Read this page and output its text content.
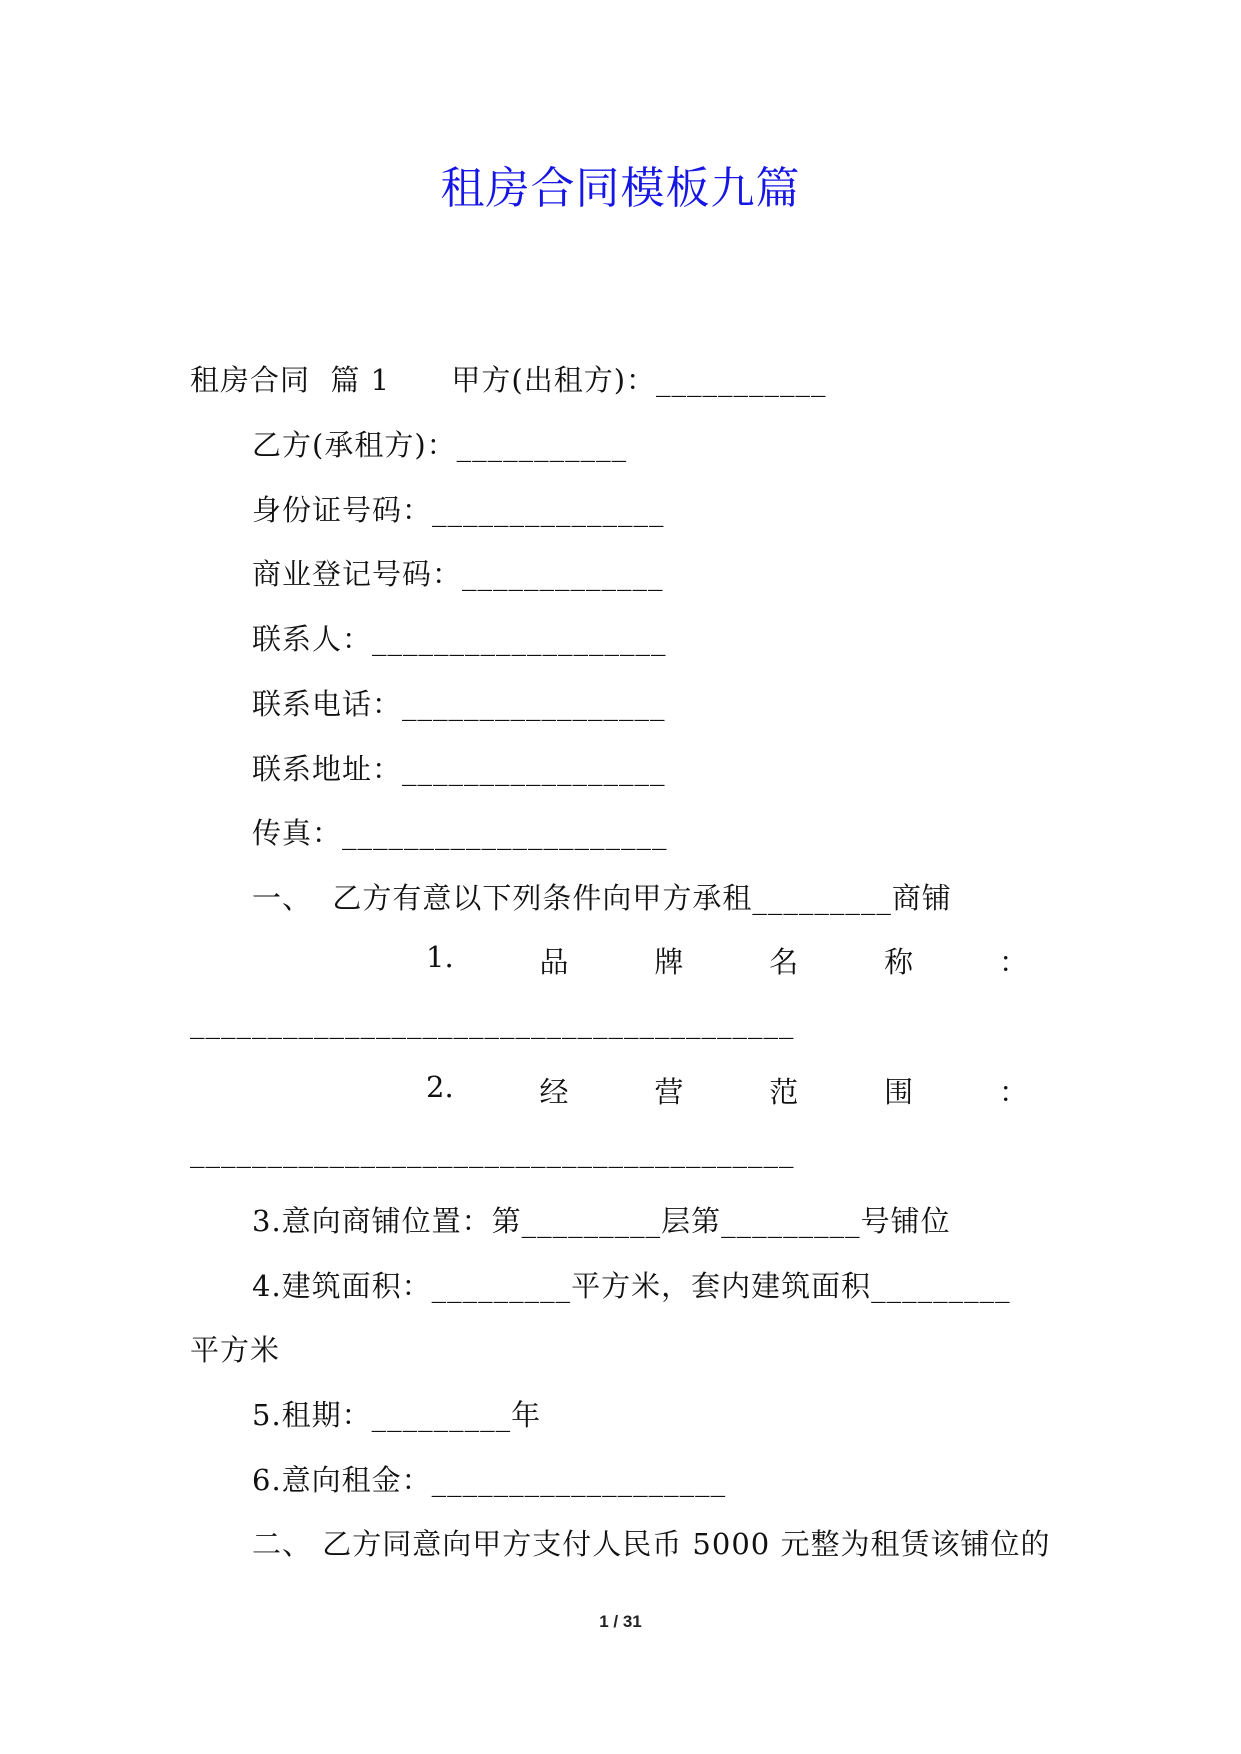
租房合同模板九篇
租房合同  篇 1      甲方(出租方)：___________
乙方(承租方)：___________
身份证号码：_______________
商业登记号码：_____________
联系人：___________________
联系电话：_________________
联系地址：_________________
传真：_____________________
一、  乙方有意以下列条件向甲方承租_________商铺
1.	品	牌	名	称	：
_______________________________________
2.	经	营	范	围	：
_______________________________________
3.意向商铺位置：第_________层第_________号铺位
4.建筑面积：_________平方米，套内建筑面积_________
平方米
5.租期：_________年
6.意向租金：___________________
二、 乙方同意向甲方支付人民币 5000 元整为租赁该铺位的
1 / 31
